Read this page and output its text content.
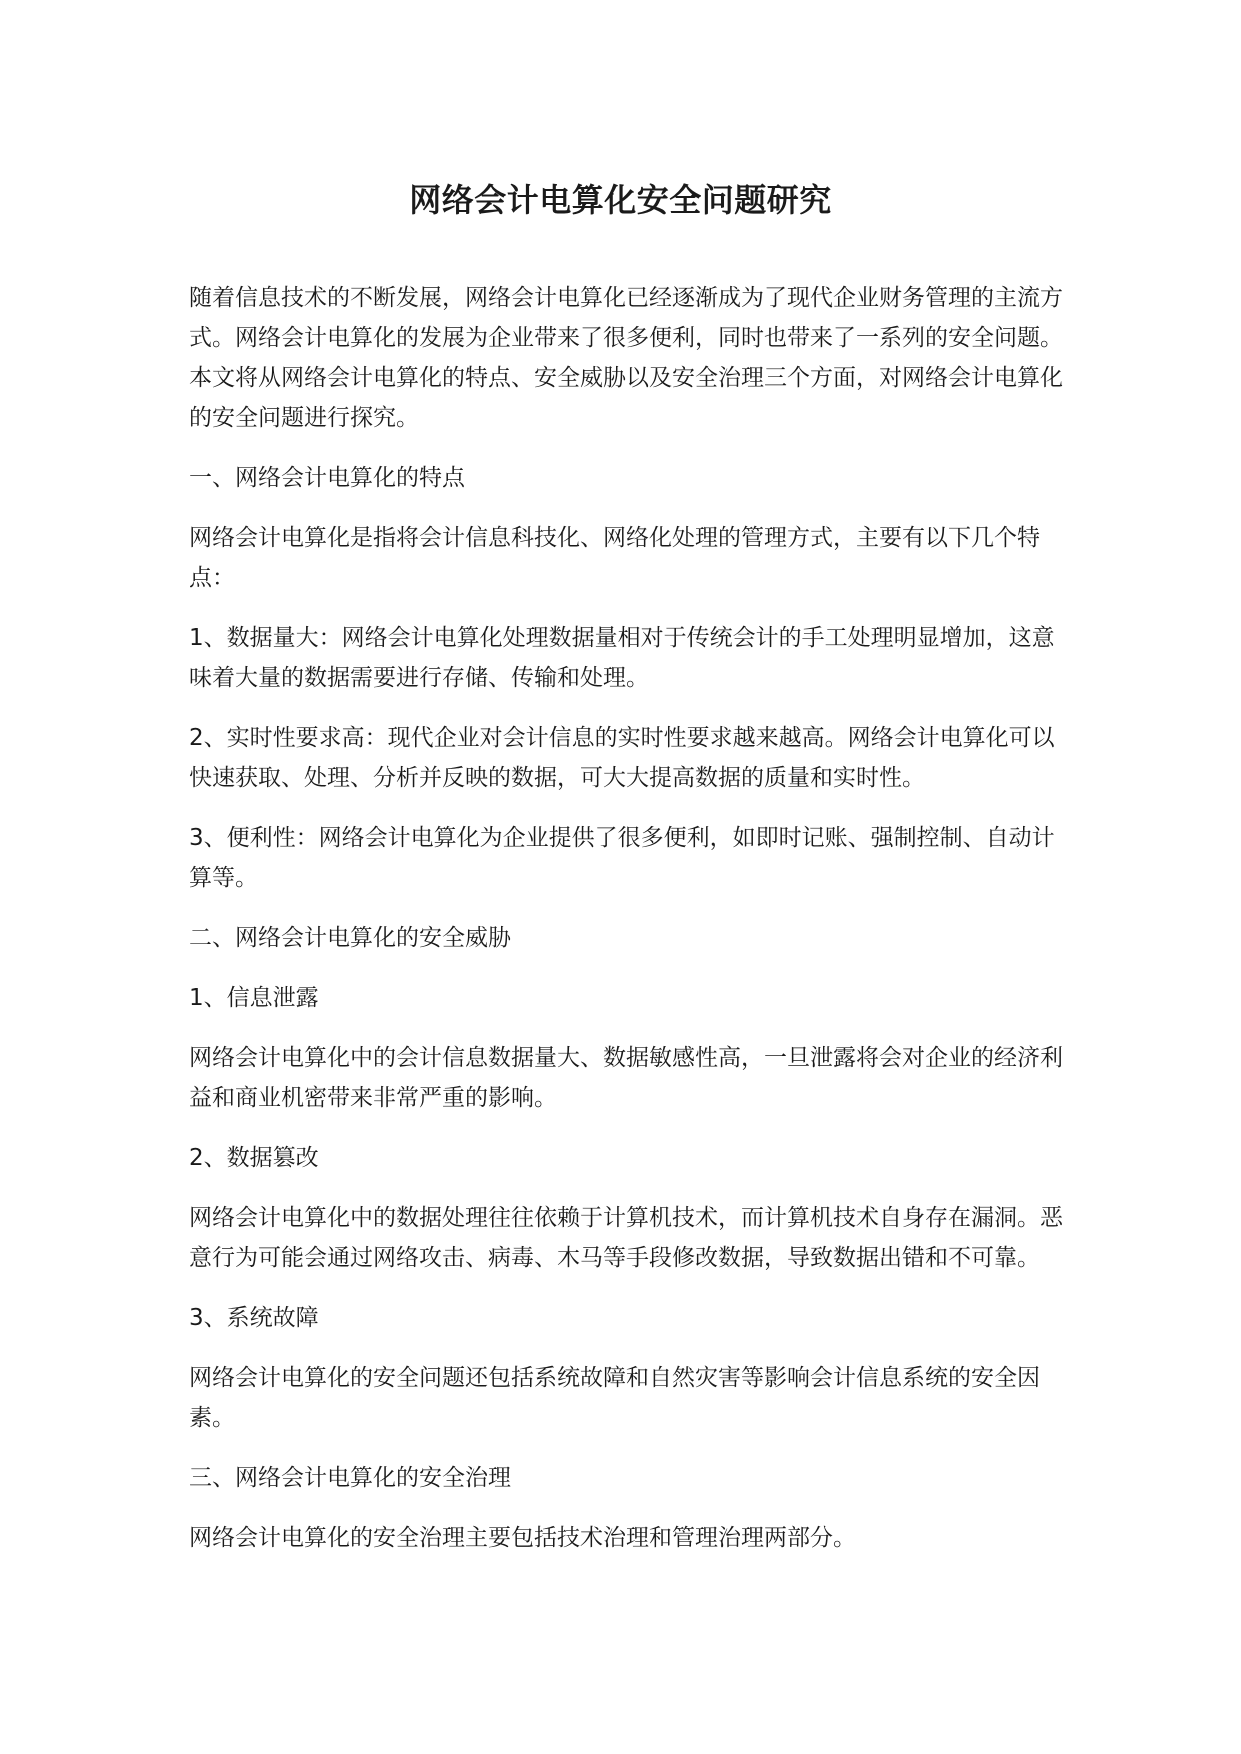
网络会计电算化安全问题研究

随着信息技术的不断发展，网络会计电算化已经逐渐成为了现代企业财务管理的主流方式。网络会计电算化的发展为企业带来了很多便利，同时也带来了一系列的安全问题。本文将从网络会计电算化的特点、安全威胁以及安全治理三个方面，对网络会计电算化的安全问题进行探究。

一、网络会计电算化的特点

网络会计电算化是指将会计信息科技化、网络化处理的管理方式，主要有以下几个特点：

1、数据量大：网络会计电算化处理数据量相对于传统会计的手工处理明显增加，这意味着大量的数据需要进行存储、传输和处理。

2、实时性要求高：现代企业对会计信息的实时性要求越来越高。网络会计电算化可以快速获取、处理、分析并反映的数据，可大大提高数据的质量和实时性。

3、便利性：网络会计电算化为企业提供了很多便利，如即时记账、强制控制、自动计算等。

二、网络会计电算化的安全威胁

1、信息泄露

网络会计电算化中的会计信息数据量大、数据敏感性高，一旦泄露将会对企业的经济利益和商业机密带来非常严重的影响。

2、数据篡改

网络会计电算化中的数据处理往往依赖于计算机技术，而计算机技术自身存在漏洞。恶意行为可能会通过网络攻击、病毒、木马等手段修改数据，导致数据出错和不可靠。

3、系统故障

网络会计电算化的安全问题还包括系统故障和自然灾害等影响会计信息系统的安全因素。

三、网络会计电算化的安全治理

网络会计电算化的安全治理主要包括技术治理和管理治理两部分。
